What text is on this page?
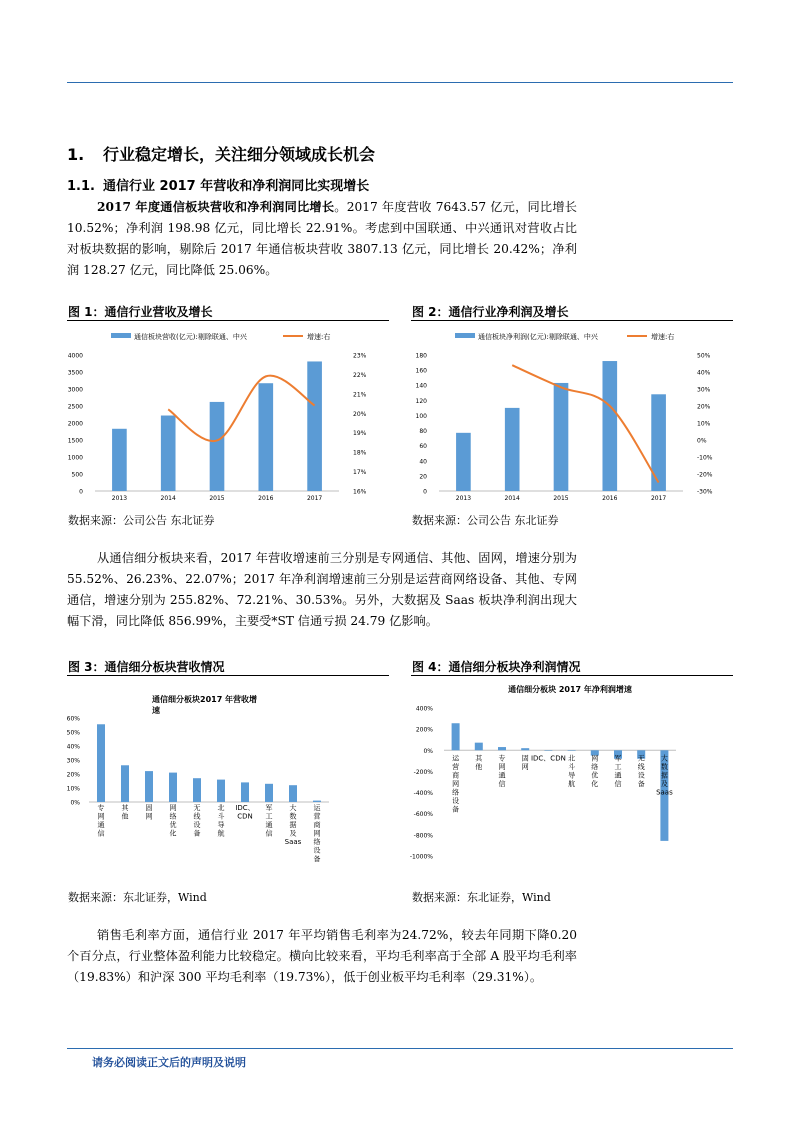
1. 行业稳定增长，关注细分领域成长机会
1.1. 通信行业 2017 年营收和净利润同比实现增长
2017 年度通信板块营收和净利润同比增长。2017 年度营收 7643.57 亿元，同比增长 10.52%；净利润 198.98 亿元，同比增长 22.91%。考虑到中国联通、中兴通讯对营收占比对板块数据的影响，剔除后 2017 年通信板块营收 3807.13 亿元，同比增长 20.42%；净利润 128.27 亿元，同比降低 25.06%。
图 1：通信行业营收及增长
通信板块营收(亿元):剔除联通、中兴	增速:右
0
500
1000
1500
2000
2500
3000
3500
4000
16%
17%
18%
19%
20%
21%
22%
23%
2013	2014	2015	2016	2017
数据来源：公司公告 东北证券
图 2：通信行业净利润及增长
通信板块净利润(亿元):剔除联通、中兴	增速:右
0
20
40
60
80
100
120
140
160
180
-30%
-20%
-10%
0%
10%
20%
30%
40%
50%
2013	2014	2015	2016	2017
数据来源：公司公告 东北证券
从通信细分板块来看，2017 年营收增速前三分别是专网通信、其他、固网，增速分别为 55.52%、26.23%、22.07%；2017 年净利润增速前三分别是运营商网络设备、其他、专网通信，增速分别为 255.82%、72.21%、30.53%。另外，大数据及 Saas 板块净利润出现大幅下滑，同比降低 856.99%，主要受*ST 信通亏损 24.79 亿影响。
图 3：通信细分板块营收情况
通信细分板块2017 年营收增
速
0%
10%
20%
30%
40%
50%
60%
专
网
通
信
其
他
固
网
网
络
优
化
无
线
设
备
北
斗
导
航
IDC、
CDN
军
工
通
信
大
数
据
及
Saas
运
营
商
网
络
设
备
数据来源：东北证券，Wind
图 4：通信细分板块净利润情况
通信细分板块 2017 年净利润增速
-1000%
-800%
-600%
-400%
-200%
0%
200%
400%
运
营
商
网
络
设
备
其
他
专
网
通
信
固
网
IDC、CDN 北
斗
导
航
网
络
优
化
军
工
通
信
无
线
设
备
大
数
据
及
Saas
数据来源：东北证券，Wind
销售毛利率方面，通信行业 2017 年平均销售毛利率为24.72%，较去年同期下降0.20 个百分点，行业整体盈利能力比较稳定。横向比较来看，平均毛利率高于全部 A 股平均毛利率（19.83%）和沪深 300 平均毛利率（19.73%），低于创业板平均毛利率（29.31%）。
请务必阅读正文后的声明及说明
